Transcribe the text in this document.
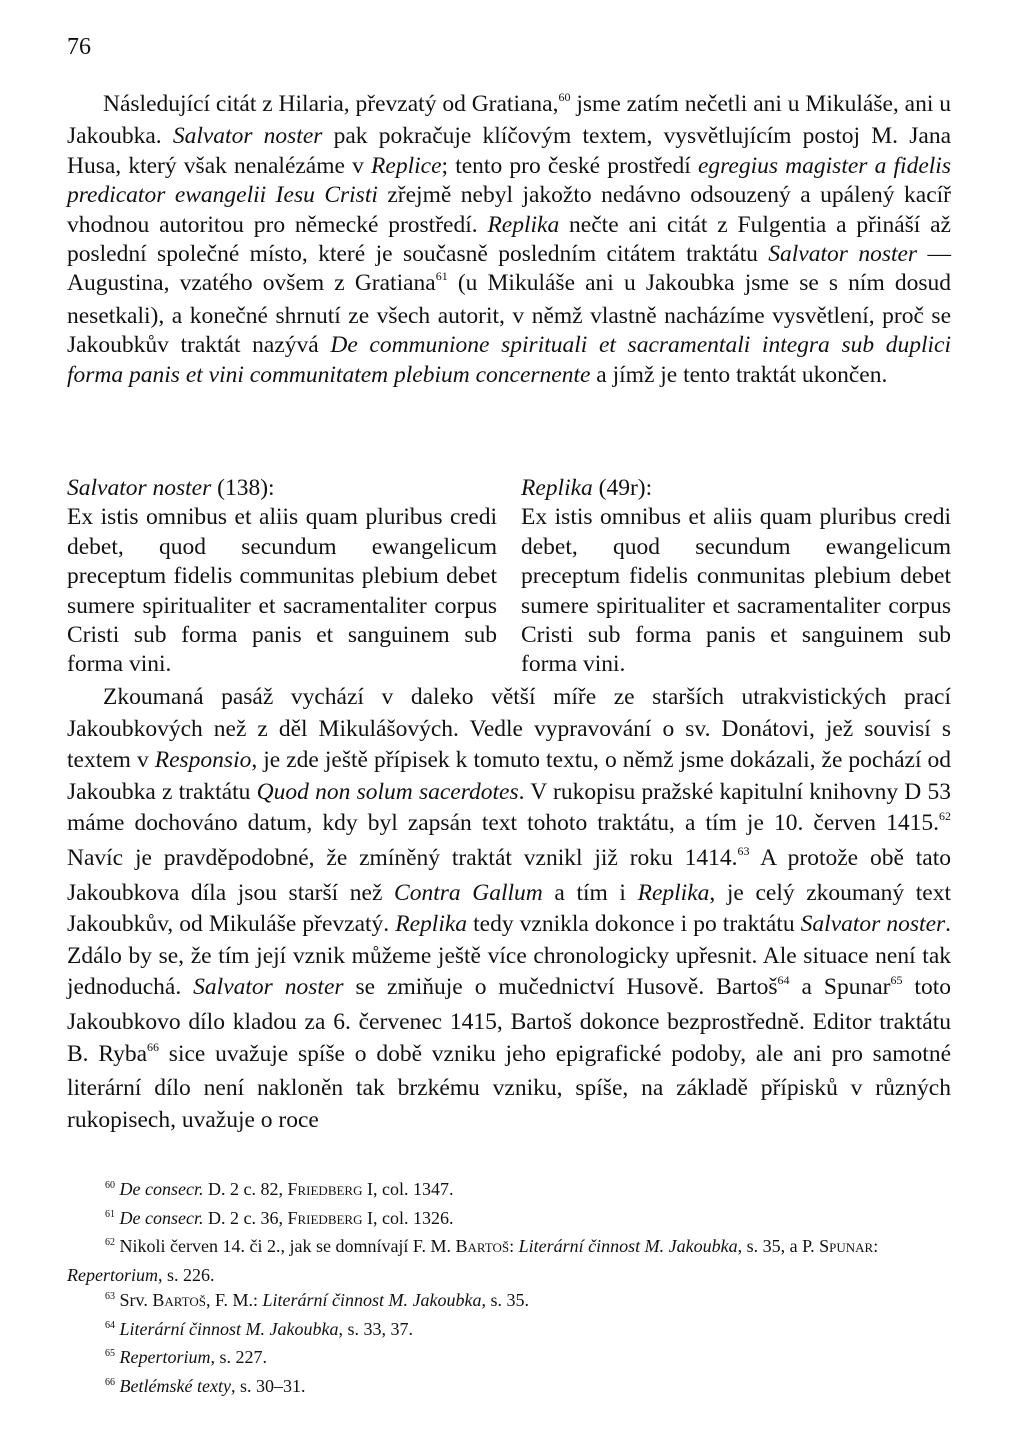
76

Následující citát z Hilaria, převzatý od Gratiana,$^{60}$ jsme zatím nečetli ani u Mikuláše, ani u Jakoubka. Salvator noster pak pokračuje klíčovým textem, vysvětlujícím postoj M. Jana Husa, který však nenalézáme v Replice; tento pro české prostředí egregius magister a fidelis predicator ewangelii Iesu Cristi zřejmě nebyl jakožto nedávno odsouzený a upálený kacíř vhodnou autoritou pro německé prostředí. Replika nečte ani citát z Fulgentia a přináší až poslední společné místo, které je současně posledním citátem traktátu Salvator noster — Augustina, vzatého ovšem z Gratiana$^{61}$ (u Mikuláše ani u Jakoubka jsme se s ním dosud nesetkali), a konečné shrnutí ze všech autorit, v němž vlastně nacházíme vysvětlení, proč se Jakoubkův traktát nazývá De communione spirituali et sacramentali integra sub duplici forma panis et vini communitatem plebium concernente a jímž je tento traktát ukončen.

Salvator noster (138):
Ex istis omnibus et aliis quam pluribus credi debet, quod secundum ewangelicum preceptum fidelis communitas plebium debet sumere spiritualiter et sacramentaliter corpus Cristi sub forma panis et sanguinem sub forma vini.
Replika (49r):
Ex istis omnibus et aliis quam pluribus credi debet, quod secundum ewangelicum preceptum fidelis conmunitas plebium debet sumere spiritualiter et sacramentaliter corpus Cristi sub forma panis et sanguinem sub forma vini.

Zkoumaná pasáž vychází v daleko větší míře ze starších utrakvistických prací Jakoubkových než z děl Mikulášových. Vedle vypravování o sv. Donátovi, jež souvisí s textem v Responsio, je zde ještě přípisek k tomuto textu, o němž jsme dokázali, že pochází od Jakoubka z traktátu Quod non solum sacerdotes. V rukopisu pražské kapitulní knihovny D 53 máme dochováno datum, kdy byl zapsán text tohoto traktátu, a tím je 10. červen 1415.62 Navíc je pravděpodobné, že zmíněný traktát vznikl již roku 1414.63 A protože obě tato Jakoubkova díla jsou starší než Contra Gallum a tím i Replika, je celý zkoumaný text Jakoubkův, od Mikuláše převzatý. Replika tedy vznikla dokonce i po traktátu Salvator noster. Zdálo by se, že tím její vznik můžeme ještě více chronologicky upřesnit. Ale situace není tak jednoduchá. Salvator noster se zmiňuje o mučednictví Husově. Bartoš$^{64}$ a Spunar$^{65}$ toto Jakoubkovo dílo kladou za 6. červenec 1415, Bartoš dokonce bezprostředně. Editor traktátu B. Ryba$^{66}$ sice uvažuje spíše o době vzniku jeho epigrafické podoby, ale ani pro samotné literární dílo není nakloněn tak brzkému vzniku, spíše, na základě přípisků v různých rukopisech, uvažuje o roce

$^{60}$ De consecr. D. 2 c. 82, Friedberg I, col. 1347.

$^{61}$ De consecr. D. 2 c. 36, Friedberg I, col. 1326.

$^{62}$ Nikoli červen 14. či 2., jak se domnívají F. M. Bartoš: Literární činnost M. Jakoubka, s. 35, a P. Spunar: Repertorium, s. 226.

$^{63}$ Srv. Bartoš, F. M.: Literární činnost M. Jakoubka, s. 35.

$^{64}$ Literární činnost M. Jakoubka, s. 33, 37.

$^{65}$ Repertorium, s. 227.

$^{66}$ Betlémské texty, s. 30–31.
